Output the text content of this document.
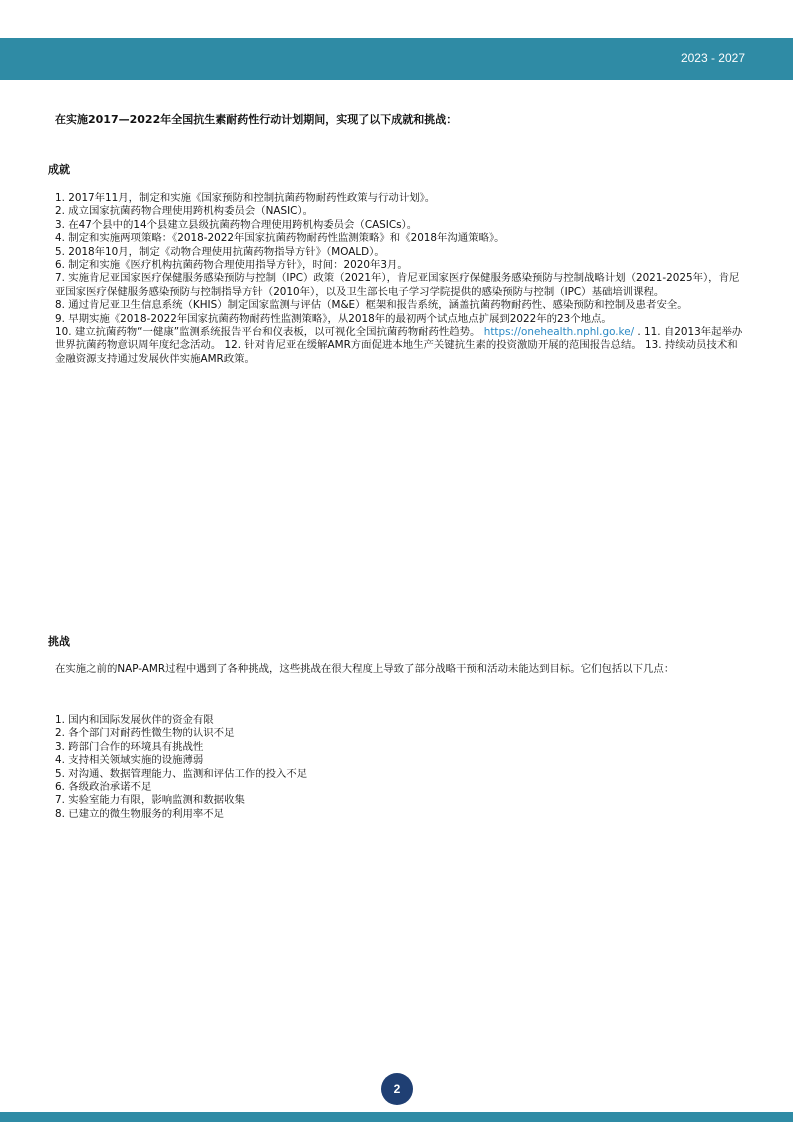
2023 - 2027
在实施2017—2022年全国抗生素耐药性行动计划期间，实现了以下成就和挑战：
成就

1. 2017年11月，制定和实施《国家预防和控制抗菌药物耐药性政策与行动计划》。

2. 成立国家抗菌药物合理使用跨机构委员会（NASIC）。

3. 在47个县中的14个县建立县级抗菌药物合理使用跨机构委员会（CASICs）。

4. 制定和实施两项策略：《2018-2022年国家抗菌药物耐药性监测策略》和《2018年沟通策略》。

5. 2018年10月，制定《动物合理使用抗菌药物指导方针》（MOALD）。

6. 制定和实施《医疗机构抗菌药物合理使用指导方针》，时间：2020年3月。

7. 实施肯尼亚国家医疗保健服务感染预防与控制（IPC）政策（2021年），肯尼亚国家医疗保健服务感染预防与控制战略计划（2021-2025年），肯尼亚国家医疗保健服务感染预防与控制指导方针（2010年），以及卫生部长电子学习学院提供的感染预防与控制（IPC）基础培训课程。

8. 通过肯尼亚卫生信息系统（KHIS）制定国家监测与评估（M&E）框架和报告系统，涵盖抗菌药物耐药性、感染预防和控制及患者安全。

9. 早期实施《2018-2022年国家抗菌药物耐药性监测策略》，从2018年的最初两个试点地点扩展到2022年的23个地点。

10. 建立抗菌药物“一健康”监测系统报告平台和仪表板，以可视化全国抗菌药物耐药性趋势。 https://onehealth.nphl.go.ke/ . 11. 自2013年起举办世界抗菌药物意识周年度纪念活动。 12. 针对肯尼亚在缓解AMR方面促进本地生产关键抗生素的投资激励开展的范围报告总结。 13. 持续动员技术和金融资源支持通过发展伙伴实施AMR政策。

挑战
在实施之前的NAP-AMR过程中遇到了各种挑战，这些挑战在很大程度上导致了部分战略干预和活动未能达到目标。它们包括以下几点：

1. 国内和国际发展伙伴的资金有限

2. 各个部门对耐药性微生物的认识不足

3. 跨部门合作的环境具有挑战性

4. 支持相关领域实施的设施薄弱

5. 对沟通、数据管理能力、监测和评估工作的投入不足

6. 各级政治承诺不足

7. 实验室能力有限，影响监测和数据收集

8. 已建立的微生物服务的利用率不足

2
